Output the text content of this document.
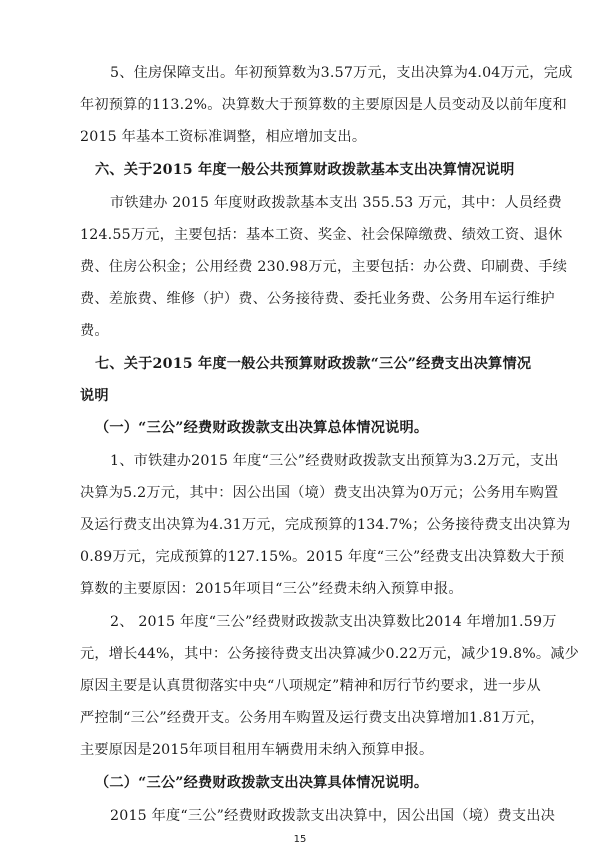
5、住房保障支出。年初预算数为3.57万元，支出决算为4.04万元，完成
年初预算的113.2%。决算数大于预算数的主要原因是人员变动及以前年度和
2015 年基本工资标准调整，相应增加支出。
六、关于2015 年度一般公共预算财政拨款基本支出决算情况说明
市铁建办 2015 年度财政拨款基本支出 355.53 万元，其中：人员经费
124.55万元，主要包括：基本工资、奖金、社会保障缴费、绩效工资、退休
费、住房公积金；公用经费 230.98万元，主要包括：办公费、印刷费、手续
费、差旅费、维修（护）费、公务接待费、委托业务费、公务用车运行维护
费。
七、关于2015 年度一般公共预算财政拨款“三公”经费支出决算情况
说明
（一）“三公”经费财政拨款支出决算总体情况说明。
1、市铁建办2015 年度“三公”经费财政拨款支出预算为3.2万元，支出
决算为5.2万元，其中：因公出国（境）费支出决算为0万元；公务用车购置
及运行费支出决算为4.31万元，完成预算的134.7%；公务接待费支出决算为
0.89万元，完成预算的127.15%。2015 年度“三公”经费支出决算数大于预
算数的主要原因：2015年项目“三公”经费未纳入预算申报。
2、 2015 年度“三公”经费财政拨款支出决算数比2014 年增加1.59万
元，增长44%，其中：公务接待费支出决算减少0.22万元，减少19.8%。减少
原因主要是认真贯彻落实中央“八项规定”精神和厉行节约要求，进一步从
严控制“三公”经费开支。公务用车购置及运行费支出决算增加1.81万元，
主要原因是2015年项目租用车辆费用未纳入预算申报。
（二）“三公”经费财政拨款支出决算具体情况说明。
2015 年度“三公”经费财政拨款支出决算中，因公出国（境）费支出决
15
